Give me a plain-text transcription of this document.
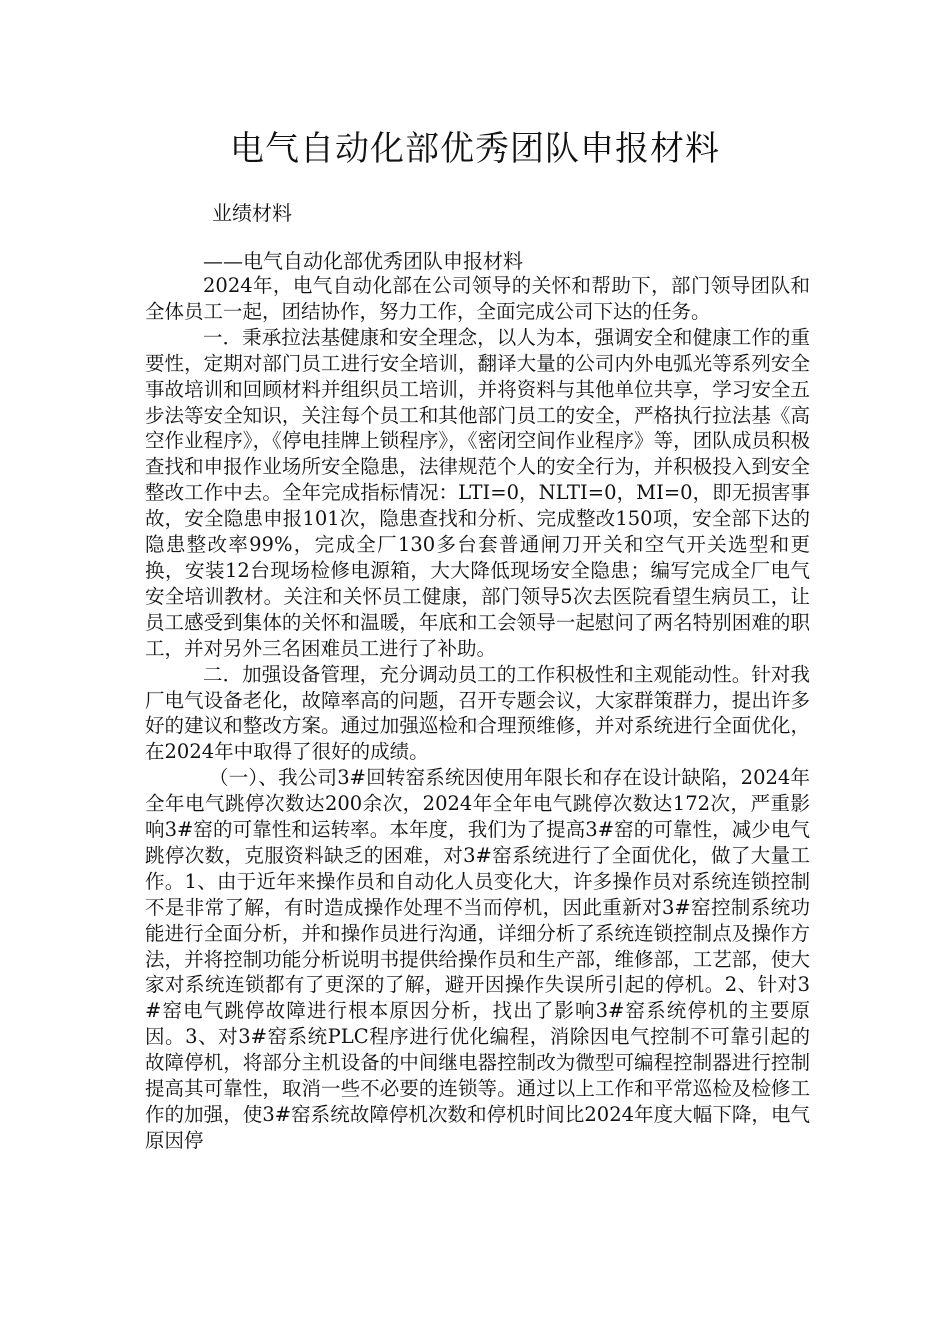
电气自动化部优秀团队申报材料
业绩材料
——电气自动化部优秀团队申报材料

2024年，电气自动化部在公司领导的关怀和帮助下，部门领导团队和全体员工一起，团结协作，努力工作，全面完成公司下达的任务。

一．秉承拉法基健康和安全理念，以人为本，强调安全和健康工作的重要性，定期对部门员工进行安全培训，翻译大量的公司内外电弧光等系列安全事故培训和回顾材料并组织员工培训，并将资料与其他单位共享，学习安全五步法等安全知识，关注每个员工和其他部门员工的安全，严格执行拉法基《高空作业程序》，《停电挂牌上锁程序》，《密闭空间作业程序》等，团队成员积极查找和申报作业场所安全隐患，法律规范个人的安全行为，并积极投入到安全整改工作中去。全年完成指标情况：LTI=0，NLTI=0，MI=0，即无损害事故，安全隐患申报101次，隐患查找和分析、完成整改150项，安全部下达的隐患整改率99%，完成全厂130多台套普通闸刀开关和空气开关选型和更换，安装12台现场检修电源箱，大大降低现场安全隐患；编写完成全厂电气安全培训教材。关注和关怀员工健康，部门领导5次去医院看望生病员工，让员工感受到集体的关怀和温暖，年底和工会领导一起慰问了两名特别困难的职工，并对另外三名困难员工进行了补助。

二．加强设备管理，充分调动员工的工作积极性和主观能动性。针对我厂电气设备老化，故障率高的问题，召开专题会议，大家群策群力，提出许多好的建议和整改方案。通过加强巡检和合理预维修，并对系统进行全面优化，在2024年中取得了很好的成绩。

（一）、我公司3#回转窑系统因使用年限长和存在设计缺陷，2024年全年电气跳停次数达200余次，2024年全年电气跳停次数达172次，严重影响3#窑的可靠性和运转率。本年度，我们为了提高3#窑的可靠性，减少电气跳停次数，克服资料缺乏的困难，对3#窑系统进行了全面优化，做了大量工作。1、由于近年来操作员和自动化人员变化大，许多操作员对系统连锁控制不是非常了解，有时造成操作处理不当而停机，因此重新对3#窑控制系统功能进行全面分析，并和操作员进行沟通，详细分析了系统连锁控制点及操作方法，并将控制功能分析说明书提供给操作员和生产部，维修部，工艺部，使大家对系统连锁都有了更深的了解，避开因操作失误所引起的停机。2、针对3#窑电气跳停故障进行根本原因分析，找出了影响3#窑系统停机的主要原因。3、对3#窑系统PLC程序进行优化编程，消除因电气控制不可靠引起的故障停机，将部分主机设备的中间继电器控制改为微型可编程控制器进行控制提高其可靠性，取消一些不必要的连锁等。通过以上工作和平常巡检及检修工作的加强，使3#窑系统故障停机次数和停机时间比2024年度大幅下降，电气原因停
